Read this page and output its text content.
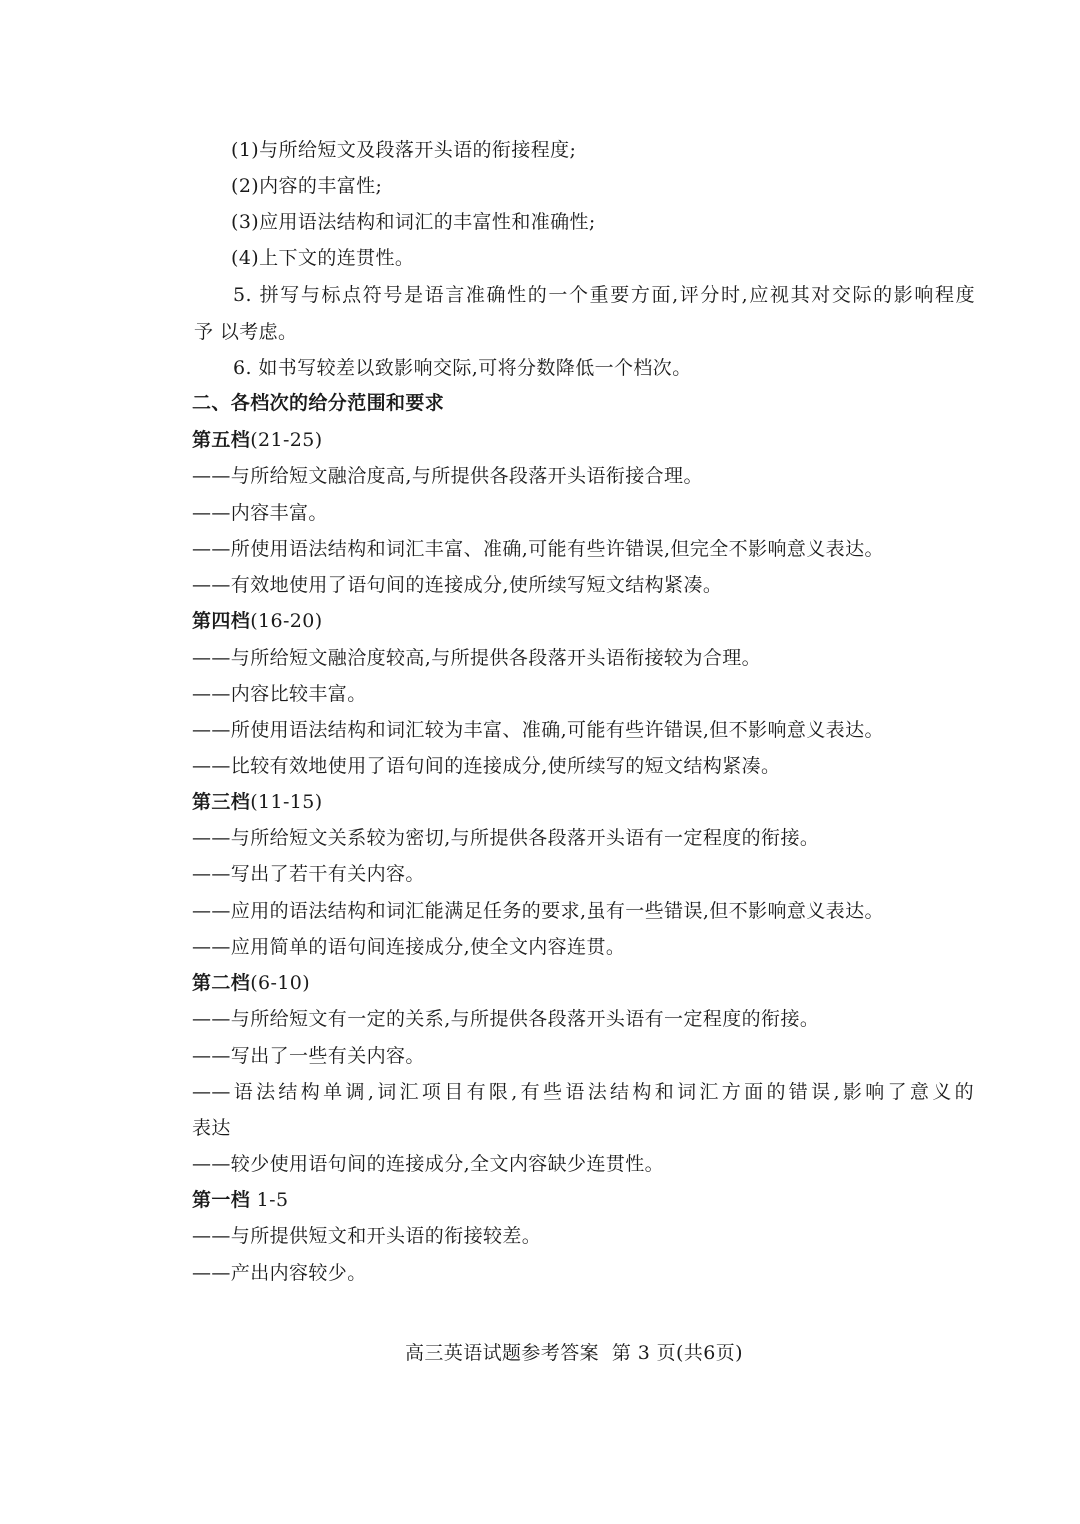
(1)与所给短文及段落开头语的衔接程度;
(2)内容的丰富性;
(3)应用语法结构和词汇的丰富性和准确性;
(4)上下文的连贯性。
5. 拼写与标点符号是语言准确性的一个重要方面,评分时,应视其对交际的影响程度
予 以考虑。
6. 如书写较差以致影响交际,可将分数降低一个档次。
二、各档次的给分范围和要求
第五档(21-25)
——与所给短文融洽度高,与所提供各段落开头语衔接合理。
——内容丰富。
——所使用语法结构和词汇丰富、准确,可能有些许错误,但完全不影响意义表达。
——有效地使用了语句间的连接成分,使所续写短文结构紧凑。
第四档(16-20)
——与所给短文融洽度较高,与所提供各段落开头语衔接较为合理。
——内容比较丰富。
——所使用语法结构和词汇较为丰富、准确,可能有些许错误,但不影响意义表达。
——比较有效地使用了语句间的连接成分,使所续写的短文结构紧凑。
第三档(11-15)
——与所给短文关系较为密切,与所提供各段落开头语有一定程度的衔接。
——写出了若干有关内容。
——应用的语法结构和词汇能满足任务的要求,虽有一些错误,但不影响意义表达。
——应用简单的语句间连接成分,使全文内容连贯。
第二档(6-10)
——与所给短文有一定的关系,与所提供各段落开头语有一定程度的衔接。
——写出了一些有关内容。
——语法结构单调,词汇项目有限,有些语法结构和词汇方面的错误,影响了意义的
表达
——较少使用语句间的连接成分,全文内容缺少连贯性。
第一档 1-5
——与所提供短文和开头语的衔接较差。
——产出内容较少。
高三英语试题参考答案  第 3 页(共6页)
